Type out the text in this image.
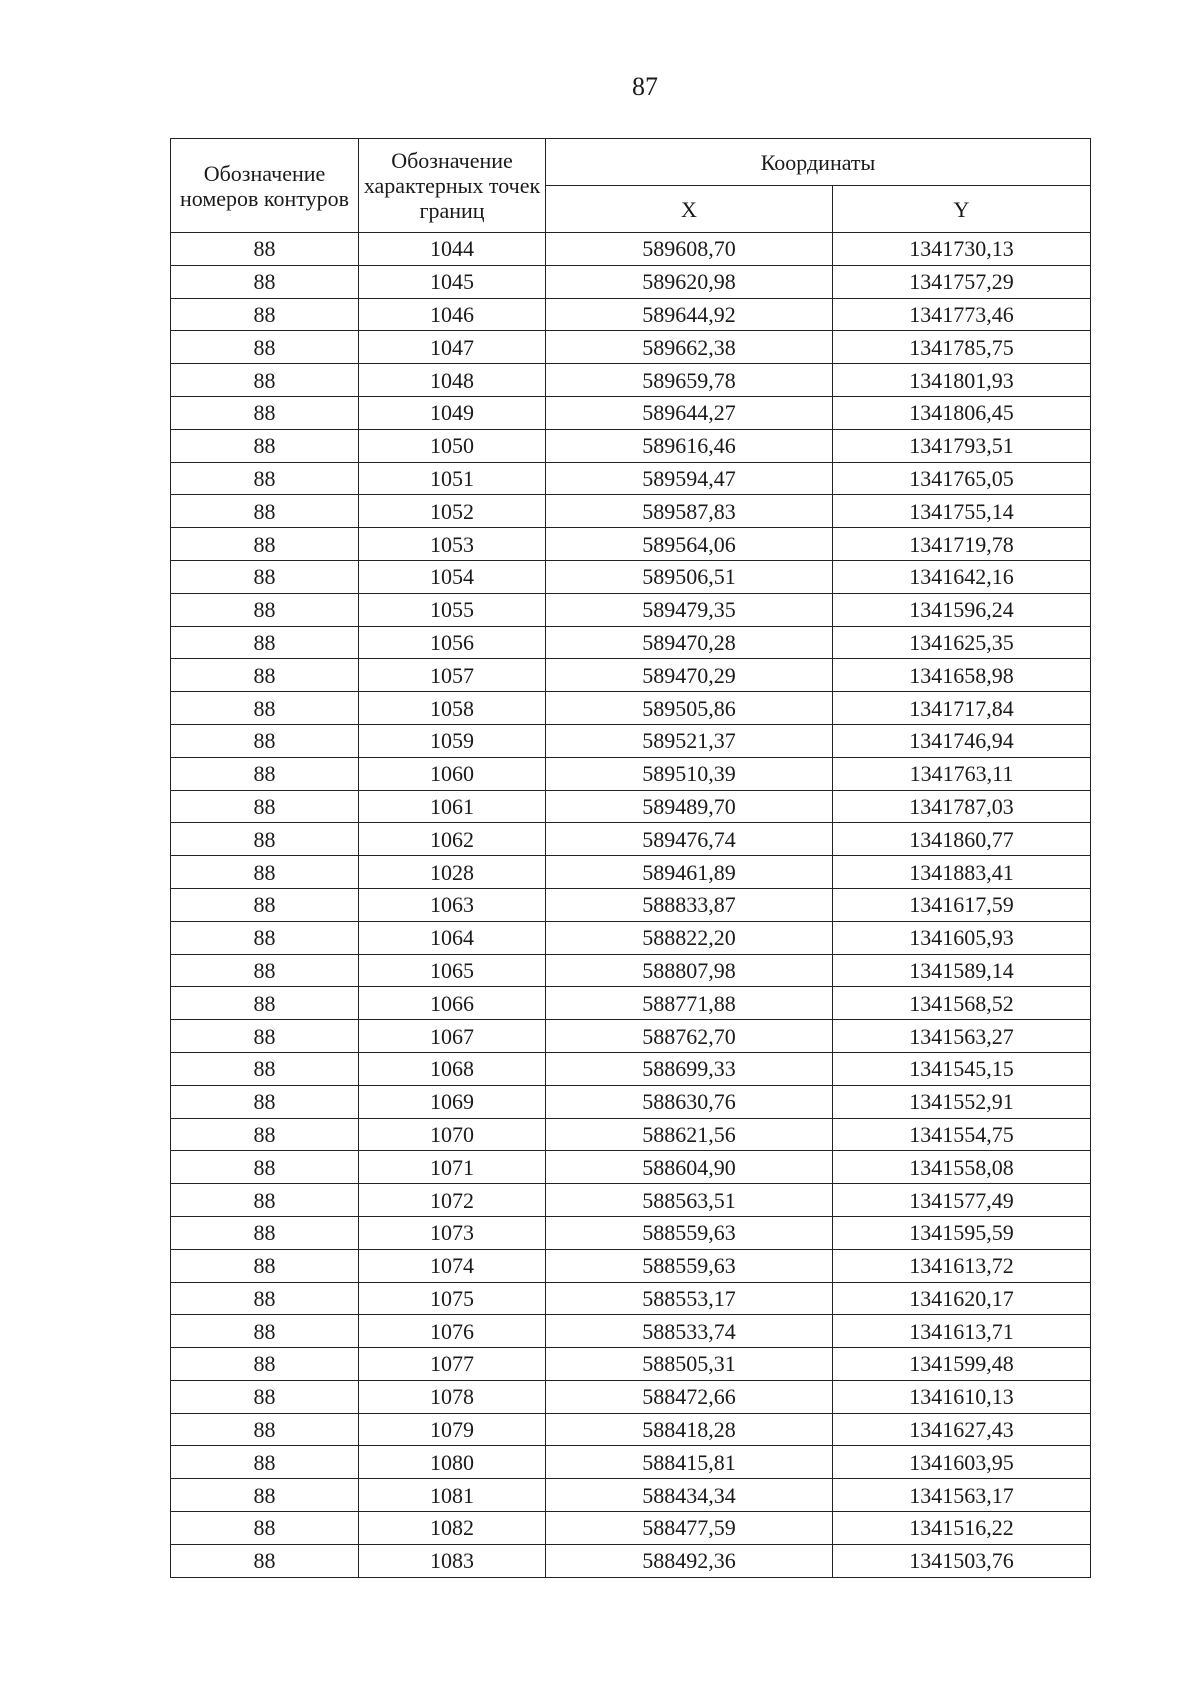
87
Обозначение номеров контуров	Обозначение характерных точек границ	Координаты	
		X	Y
88	1044	589608,70	1341730,13
88	1045	589620,98	1341757,29
88	1046	589644,92	1341773,46
88	1047	589662,38	1341785,75
88	1048	589659,78	1341801,93
88	1049	589644,27	1341806,45
88	1050	589616,46	1341793,51
88	1051	589594,47	1341765,05
88	1052	589587,83	1341755,14
88	1053	589564,06	1341719,78
88	1054	589506,51	1341642,16
88	1055	589479,35	1341596,24
88	1056	589470,28	1341625,35
88	1057	589470,29	1341658,98
88	1058	589505,86	1341717,84
88	1059	589521,37	1341746,94
88	1060	589510,39	1341763,11
88	1061	589489,70	1341787,03
88	1062	589476,74	1341860,77
88	1028	589461,89	1341883,41
88	1063	588833,87	1341617,59
88	1064	588822,20	1341605,93
88	1065	588807,98	1341589,14
88	1066	588771,88	1341568,52
88	1067	588762,70	1341563,27
88	1068	588699,33	1341545,15
88	1069	588630,76	1341552,91
88	1070	588621,56	1341554,75
88	1071	588604,90	1341558,08
88	1072	588563,51	1341577,49
88	1073	588559,63	1341595,59
88	1074	588559,63	1341613,72
88	1075	588553,17	1341620,17
88	1076	588533,74	1341613,71
88	1077	588505,31	1341599,48
88	1078	588472,66	1341610,13
88	1079	588418,28	1341627,43
88	1080	588415,81	1341603,95
88	1081	588434,34	1341563,17
88	1082	588477,59	1341516,22
88	1083	588492,36	1341503,76
